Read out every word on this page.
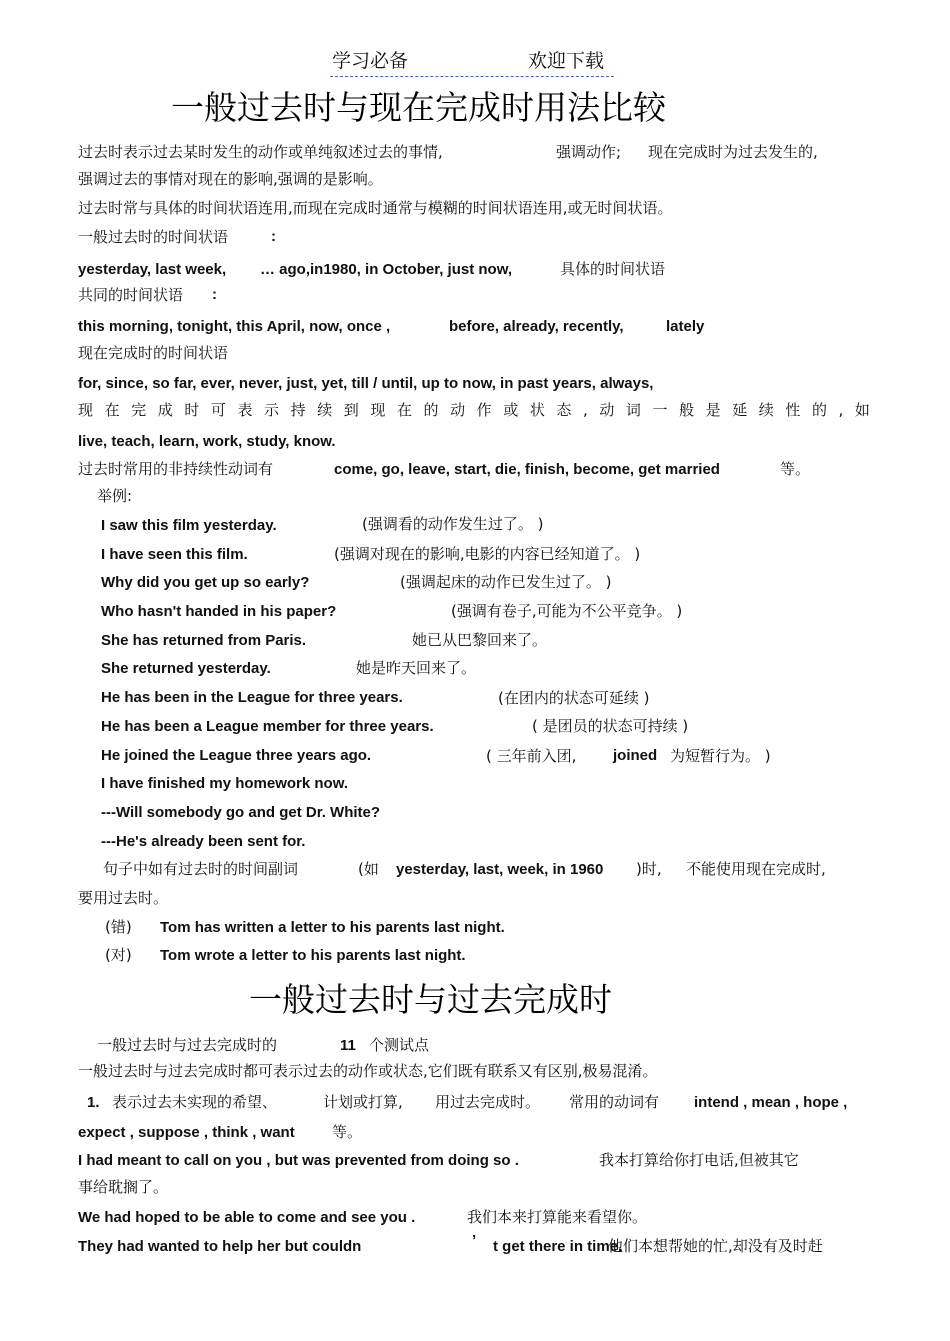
学习必备	欢迎下载
一般过去时与现在完成时用法比较
过去时表示过去某时发生的动作或单纯叙述过去的事情,	强调动作; 现在完成时为过去发生的,
强调过去的事情对现在的影响,强调的是影响。
过去时常与具体的时间状语连用,而现在完成时通常与模糊的时间状语连用,或无时间状语。
一般过去时的时间状语	:
yesterday, last week, … ago,in1980, in October, just now,	具体的时间状语
共同的时间状语 :
this morning, tonight, this April, now, once ,	before, already, recently,	lately
现在完成时的时间状语
for, since, so far, ever, never, just, yet, till / until, up to now, in past years, always,
现 在 完 成 时 可 表 示 持 续 到 现 在 的 动 作 或 状 态 , 动 词 一 般 是 延 续 性 的 , 如
live, teach, learn, work, study, know.
过去时常用的非持续性动词有	come, go, leave, start, die, finish, become, get married	等。
举例:
I saw this film yesterday.	(强调看的动作发生过了。 )
I have seen this film.	(强调对现在的影响,电影的内容已经知道了。 )
Why did you get up so early?	(强调起床的动作已发生过了。 )
Who hasn't handed in his paper?	(强调有卷子,可能为不公平竞争。 )
She has returned from Paris.	她已从巴黎回来了。
She returned yesterday.	她是昨天回来了。
He has been in the League for three years.	(在团内的状态可延续 )
He has been a League member for three years.	( 是团员的状态可持续 )
He joined the League three years ago.	( 三年前入团, joined 为短暂行为。 )
I have finished my homework now.
---Will somebody go and get Dr. White?
---He's already been sent for.
句子中如有过去时的时间副词	(如 yesterday, last, week, in 1960 )时, 不能使用现在完成时,
要用过去时。
(错) Tom has written a letter to his parents last night.
(对) Tom wrote a letter to his parents last night.
一般过去时与过去完成时
一般过去时与过去完成时的	11 个测试点
一般过去时与过去完成时都可表示过去的动作或状态,它们既有联系又有区别,极易混淆。
1. 表示过去未实现的希望、	计划或打算, 用过去完成时。 常用的动词有 intend , mean , hope ,
expect , suppose , think , want 等。
I had meant to call on you , but was prevented from doing so .	我本打算给你打电话,但被其它
事给耽搁了。
We had hoped to be able to come and see you .	我们本来打算能来看望你。
They had wanted to help her but couldn	’ t get there in time.
他们本想帮她的忙,却没有及时赶
